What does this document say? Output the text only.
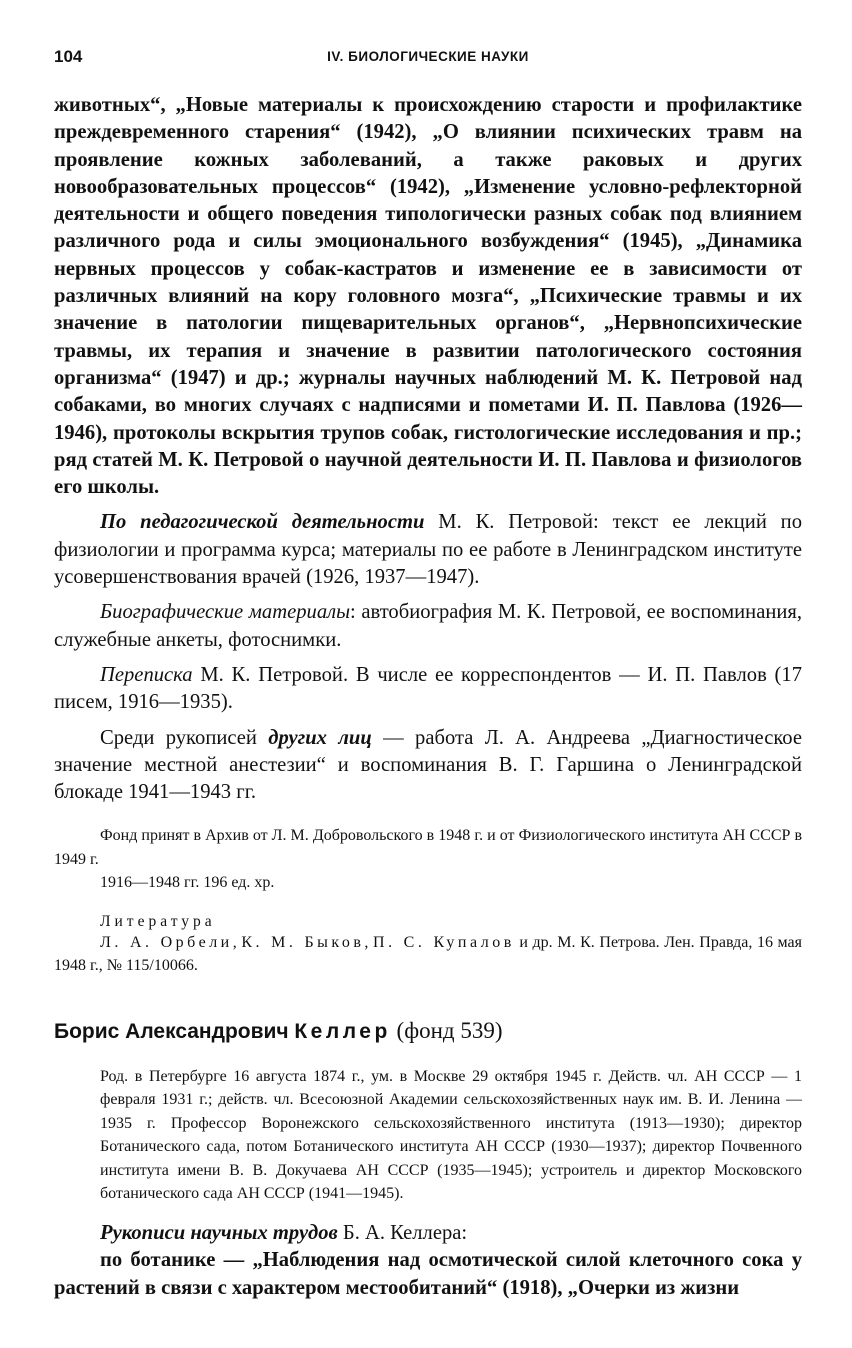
104	IV. БИОЛОГИЧЕСКИЕ НАУКИ

животных“, „Новые материалы к происхождению старости и профилактике преждевременного старения“ (1942), „О влиянии психических травм на проявление кожных заболеваний, а также раковых и других новообразовательных процессов“ (1942), „Изменение условно-рефлекторной деятельности и общего поведения типологически разных собак под влиянием различного рода и силы эмоционального возбуждения“ (1945), „Динамика нервных процессов у собак-кастратов и изменение ее в зависимости от различных влияний на кору головного мозга“, „Психические травмы и их значение в патологии пищеварительных органов“, „Нервнопсихические травмы, их терапия и значение в развитии патологического состояния организма“ (1947) и др.; журналы научных наблюдений М. К. Петровой над собаками, во многих случаях с надписями и пометами И. П. Павлова (1926—1946), протоколы вскрытия трупов собак, гистологические исследования и пр.; ряд статей М. К. Петровой о научной деятельности И. П. Павлова и физиологов его школы.

По педагогической деятельности М. К. Петровой: текст ее лекций по физиологии и программа курса; материалы по ее работе в Ленинградском институте усовершенствования врачей (1926, 1937—1947).

Биографические материалы: автобиография М. К. Петровой, ее воспоминания, служебные анкеты, фотоснимки.

Переписка М. К. Петровой. В числе ее корреспондентов — И. П. Павлов (17 писем, 1916—1935).

Среди рукописей других лиц — работа Л. А. Андреева „Диагностическое значение местной анестезии“ и воспоминания В. Г. Гаршина о Ленинградской блокаде 1941—1943 гг.

Фонд принят в Архив от Л. М. Добровольского в 1948 г. и от Физиологического института АН СССР в 1949 г.

1916—1948 гг. 196 ед. хр.

Литература

Л. А. Орбели, К. М. Быков, П. С. Купалов и др. М. К. Петрова. Лен. Правда, 16 мая 1948 г., № 115/10066.

Борис Александрович Келлер (фонд 539)

Род. в Петербурге 16 августа 1874 г., ум. в Москве 29 октября 1945 г. Действ. чл. АН СССР — 1 февраля 1931 г.; действ. чл. Всесоюзной Академии сельскохозяйственных наук им. В. И. Ленина — 1935 г. Профессор Воронежского сельскохозяйственного института (1913—1930); директор Ботанического сада, потом Ботанического института АН СССР (1930—1937); директор Почвенного института имени В. В. Докучаева АН СССР (1935—1945); устроитель и директор Московского ботанического сада АН СССР (1941—1945).

Рукописи научных трудов Б. А. Келлера:

по ботанике — „Наблюдения над осмотической силой клеточного сока у растений в связи с характером местообитаний“ (1918), „Очерки из жизни
